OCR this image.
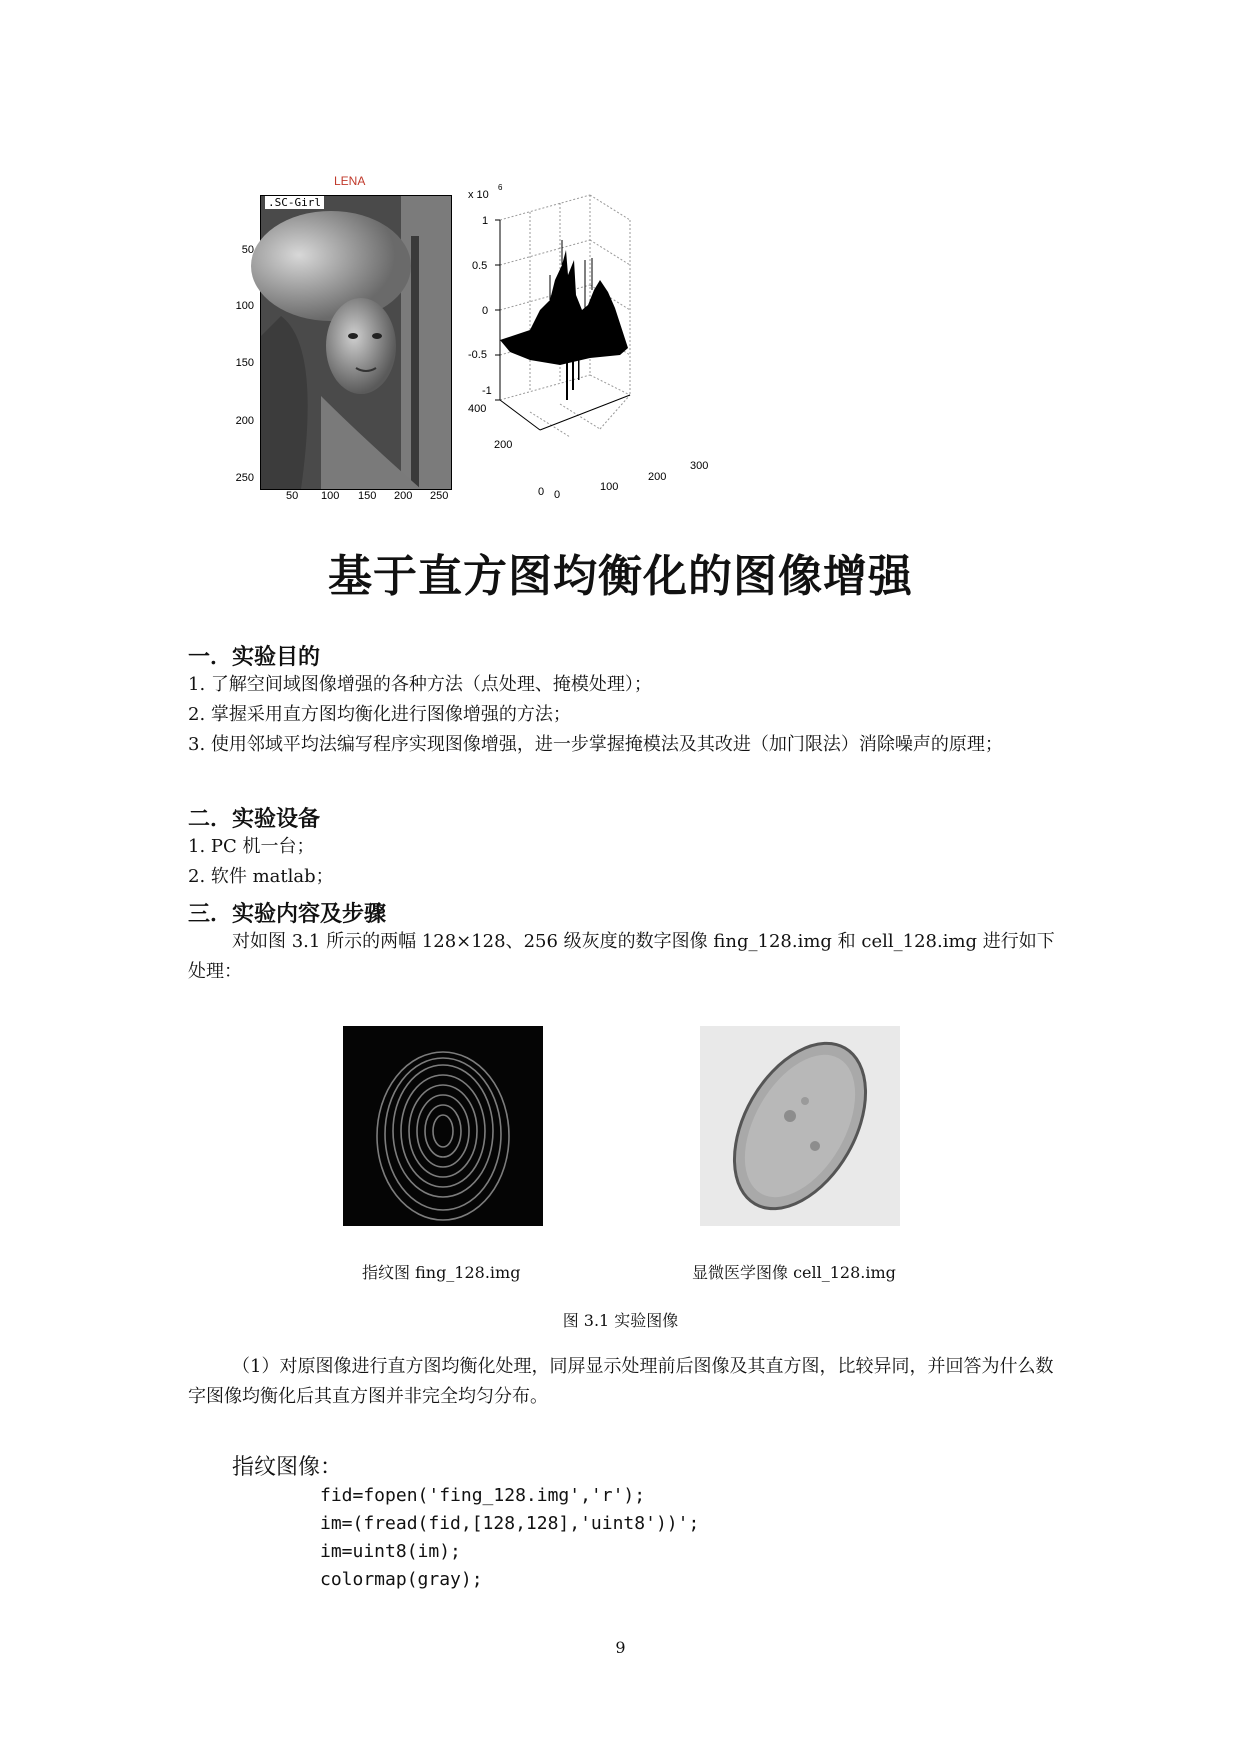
LENA
.SC-Girl
50
100
150
200
250
50 100 150 200 250
x 10
6
1
0.5
0
-0.5
-1
400
200
0 0
100
200
300
基于直方图均衡化的图像增强
一．实验目的
1. 了解空间域图像增强的各种方法（点处理、掩模处理）；
2. 掌握采用直方图均衡化进行图像增强的方法；
3. 使用邻域平均法编写程序实现图像增强，进一步掌握掩模法及其改进（加门限法）消除噪声的原理；
二．实验设备
1. PC 机一台；
2. 软件 matlab；
三．实验内容及步骤
对如图 3.1 所示的两幅 128×128、256 级灰度的数字图像 fing_128.img 和 cell_128.img 进行如下处理：
指纹图 fing_128.img	显微医学图像 cell_128.img
图 3.1 实验图像
（1）对原图像进行直方图均衡化处理，同屏显示处理前后图像及其直方图，比较异同，并回答为什么数字图像均衡化后其直方图并非完全均匀分布。
指纹图像：
fid=fopen('fing_128.img','r');
im=(fread(fid,[128,128],'uint8'))';
im=uint8(im);
colormap(gray);
9
